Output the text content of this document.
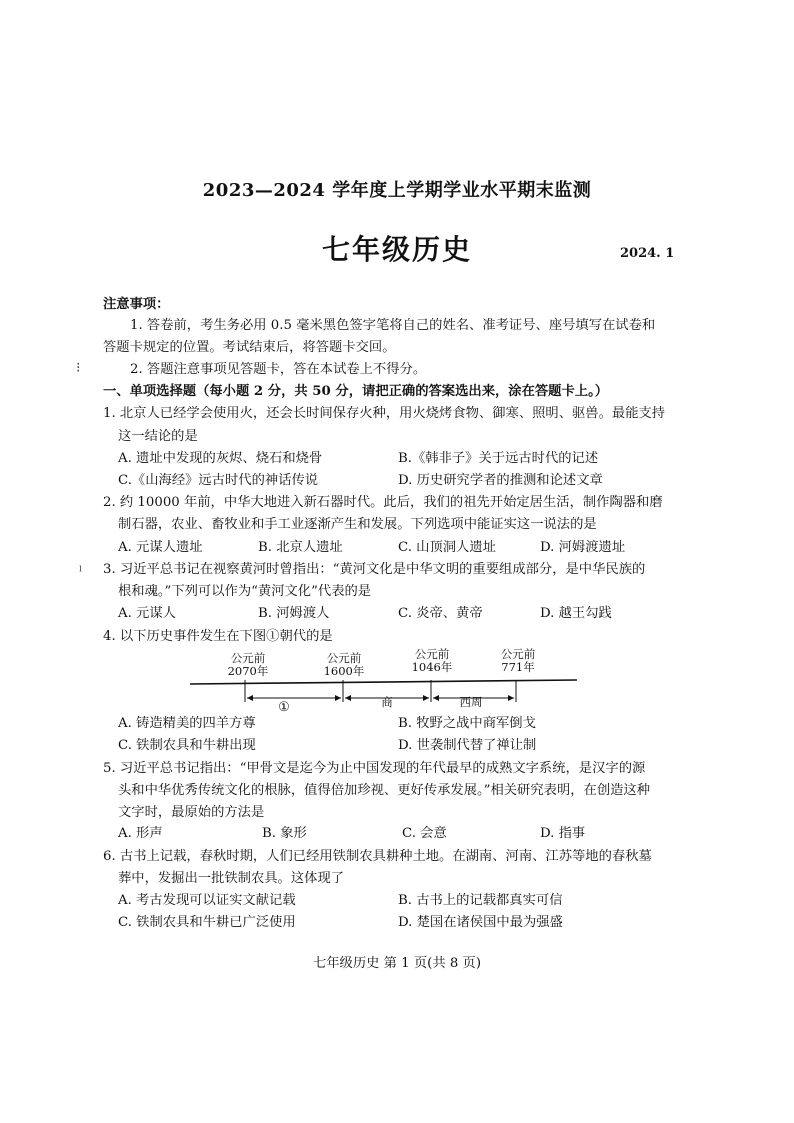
2023—2024 学年度上学期学业水平期末监测
七年级历史	2024. 1
⁝
ˡ
注意事项：
1. 答卷前，考生务必用 0.5 毫米黑色签字笔将自己的姓名、准考证号、座号填写在试卷和
答题卡规定的位置。考试结束后，将答题卡交回。
2. 答题注意事项见答题卡，答在本试卷上不得分。
一、单项选择题（每小题 2 分，共 50 分，请把正确的答案选出来，涂在答题卡上。）
1. 北京人已经学会使用火，还会长时间保存火种，用火烧烤食物、御寒、照明、驱兽。最能支持
这一结论的是
A. 遗址中发现的灰烬、烧石和烧骨	B.《韩非子》关于远古时代的记述
C.《山海经》远古时代的神话传说	D. 历史研究学者的推测和论述文章
2. 约 10000 年前，中华大地进入新石器时代。此后，我们的祖先开始定居生活，制作陶器和磨
制石器，农业、畜牧业和手工业逐渐产生和发展。下列选项中能证实这一说法的是
A. 元谋人遗址	B. 北京人遗址	C. 山顶洞人遗址	D. 河姆渡遗址
3. 习近平总书记在视察黄河时曾指出：“黄河文化是中华文明的重要组成部分，是中华民族的
根和魂。”下列可以作为“黄河文化”代表的是
A. 元谋人	B. 河姆渡人	C. 炎帝、黄帝	D. 越王勾践
4. 以下历史事件发生在下图①朝代的是
公元前
2070年
公元前
1600年
公元前
1046年
公元前
771年
①	商	西周
A. 铸造精美的四羊方尊	B. 牧野之战中商军倒戈
C. 铁制农具和牛耕出现	D. 世袭制代替了禅让制
5. 习近平总书记指出：“甲骨文是迄今为止中国发现的年代最早的成熟文字系统，是汉字的源
头和中华优秀传统文化的根脉，值得倍加珍视、更好传承发展。”相关研究表明，在创造这种
文字时，最原始的方法是
A. 形声	B. 象形	C. 会意	D. 指事
6. 古书上记载，春秋时期，人们已经用铁制农具耕种土地。在湖南、河南、江苏等地的春秋墓
葬中，发掘出一批铁制农具。这体现了
A. 考古发现可以证实文献记载	B. 古书上的记载都真实可信
C. 铁制农具和牛耕已广泛使用	D. 楚国在诸侯国中最为强盛
七年级历史 第 1 页(共 8 页)
